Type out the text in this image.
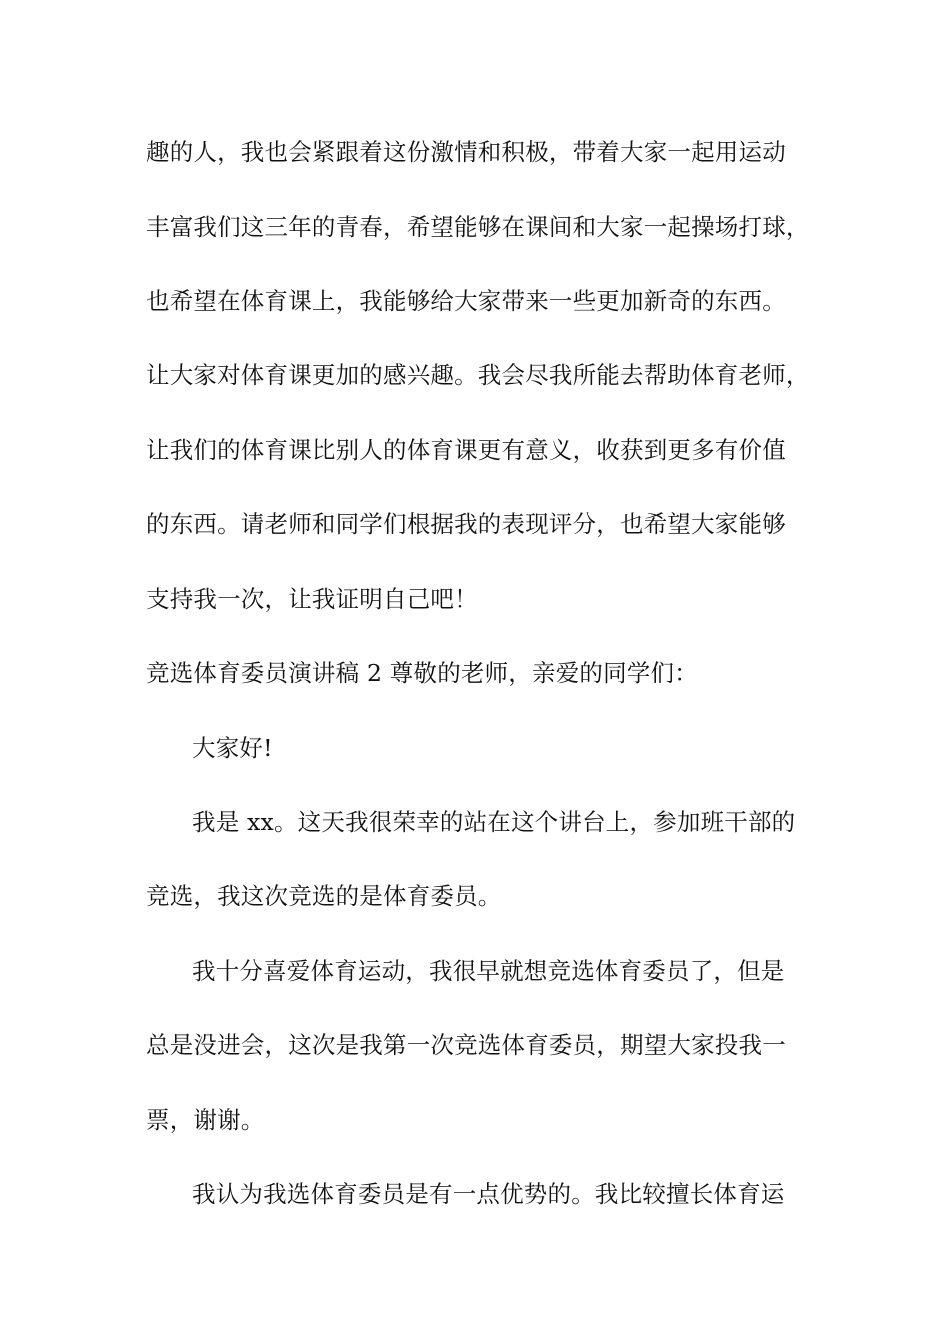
趣的人，我也会紧跟着这份激情和积极，带着大家一起用运动
丰富我们这三年的青春，希望能够在课间和大家一起操场打球，
也希望在体育课上，我能够给大家带来一些更加新奇的东西。
让大家对体育课更加的感兴趣。我会尽我所能去帮助体育老师，
让我们的体育课比别人的体育课更有意义，收获到更多有价值
的东西。请老师和同学们根据我的表现评分，也希望大家能够
支持我一次，让我证明自己吧！
竞选体育委员演讲稿 2 尊敬的老师，亲爱的同学们：
大家好!
我是 xx。这天我很荣幸的站在这个讲台上，参加班干部的
竞选，我这次竞选的是体育委员。
我十分喜爱体育运动，我很早就想竞选体育委员了，但是
总是没进会，这次是我第一次竞选体育委员，期望大家投我一
票，谢谢。
我认为我选体育委员是有一点优势的。我比较擅长体育运
